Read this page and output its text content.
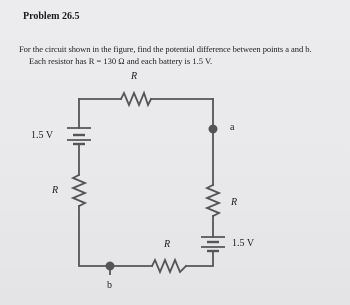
Problem 26.5
For the circuit shown in the figure, find the potential difference between points a and b.
Each resistor has R = 130 Ω and each battery is 1.5 V.
R
1.5 V
R
a
R
1.5 V
R
b
